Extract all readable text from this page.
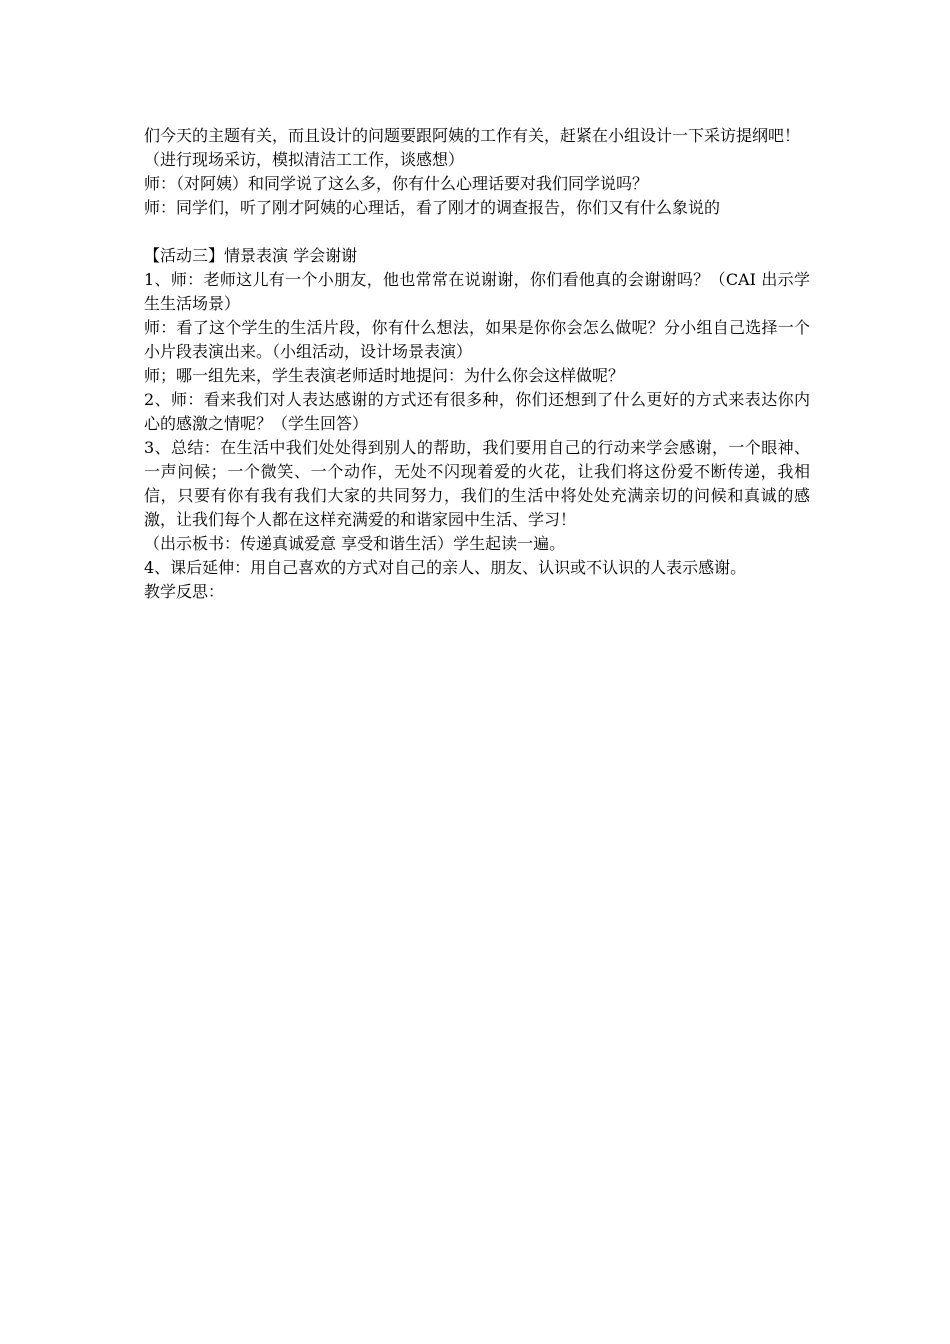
们今天的主题有关，而且设计的问题要跟阿姨的工作有关，赶紧在小组设计一下采访提纲吧！

（进行现场采访，模拟清洁工工作，谈感想）

师：（对阿姨）和同学说了这么多，你有什么心理话要对我们同学说吗？

师：同学们，听了刚才阿姨的心理话，看了刚才的调查报告，你们又有什么象说的

【活动三】情景表演 学会谢谢

1、师：老师这儿有一个小朋友，他也常常在说谢谢，你们看他真的会谢谢吗？（CAI 出示学生生活场景）

师：看了这个学生的生活片段，你有什么想法，如果是你你会怎么做呢？分小组自己选择一个小片段表演出来。（小组活动，设计场景表演）

师；哪一组先来，学生表演老师适时地提问：为什么你会这样做呢？

2、师：看来我们对人表达感谢的方式还有很多种，你们还想到了什么更好的方式来表达你内心的感激之情呢？（学生回答）

3、总结：在生活中我们处处得到别人的帮助，我们要用自己的行动来学会感谢，一个眼神、一声问候；一个微笑、一个动作，无处不闪现着爱的火花，让我们将这份爱不断传递，我相信，只要有你有我有我们大家的共同努力，我们的生活中将处处充满亲切的问候和真诚的感激，让我们每个人都在这样充满爱的和谐家园中生活、学习！

（出示板书：传递真诚爱意 享受和谐生活）学生起读一遍。

4、课后延伸：用自己喜欢的方式对自己的亲人、朋友、认识或不认识的人表示感谢。

教学反思：
